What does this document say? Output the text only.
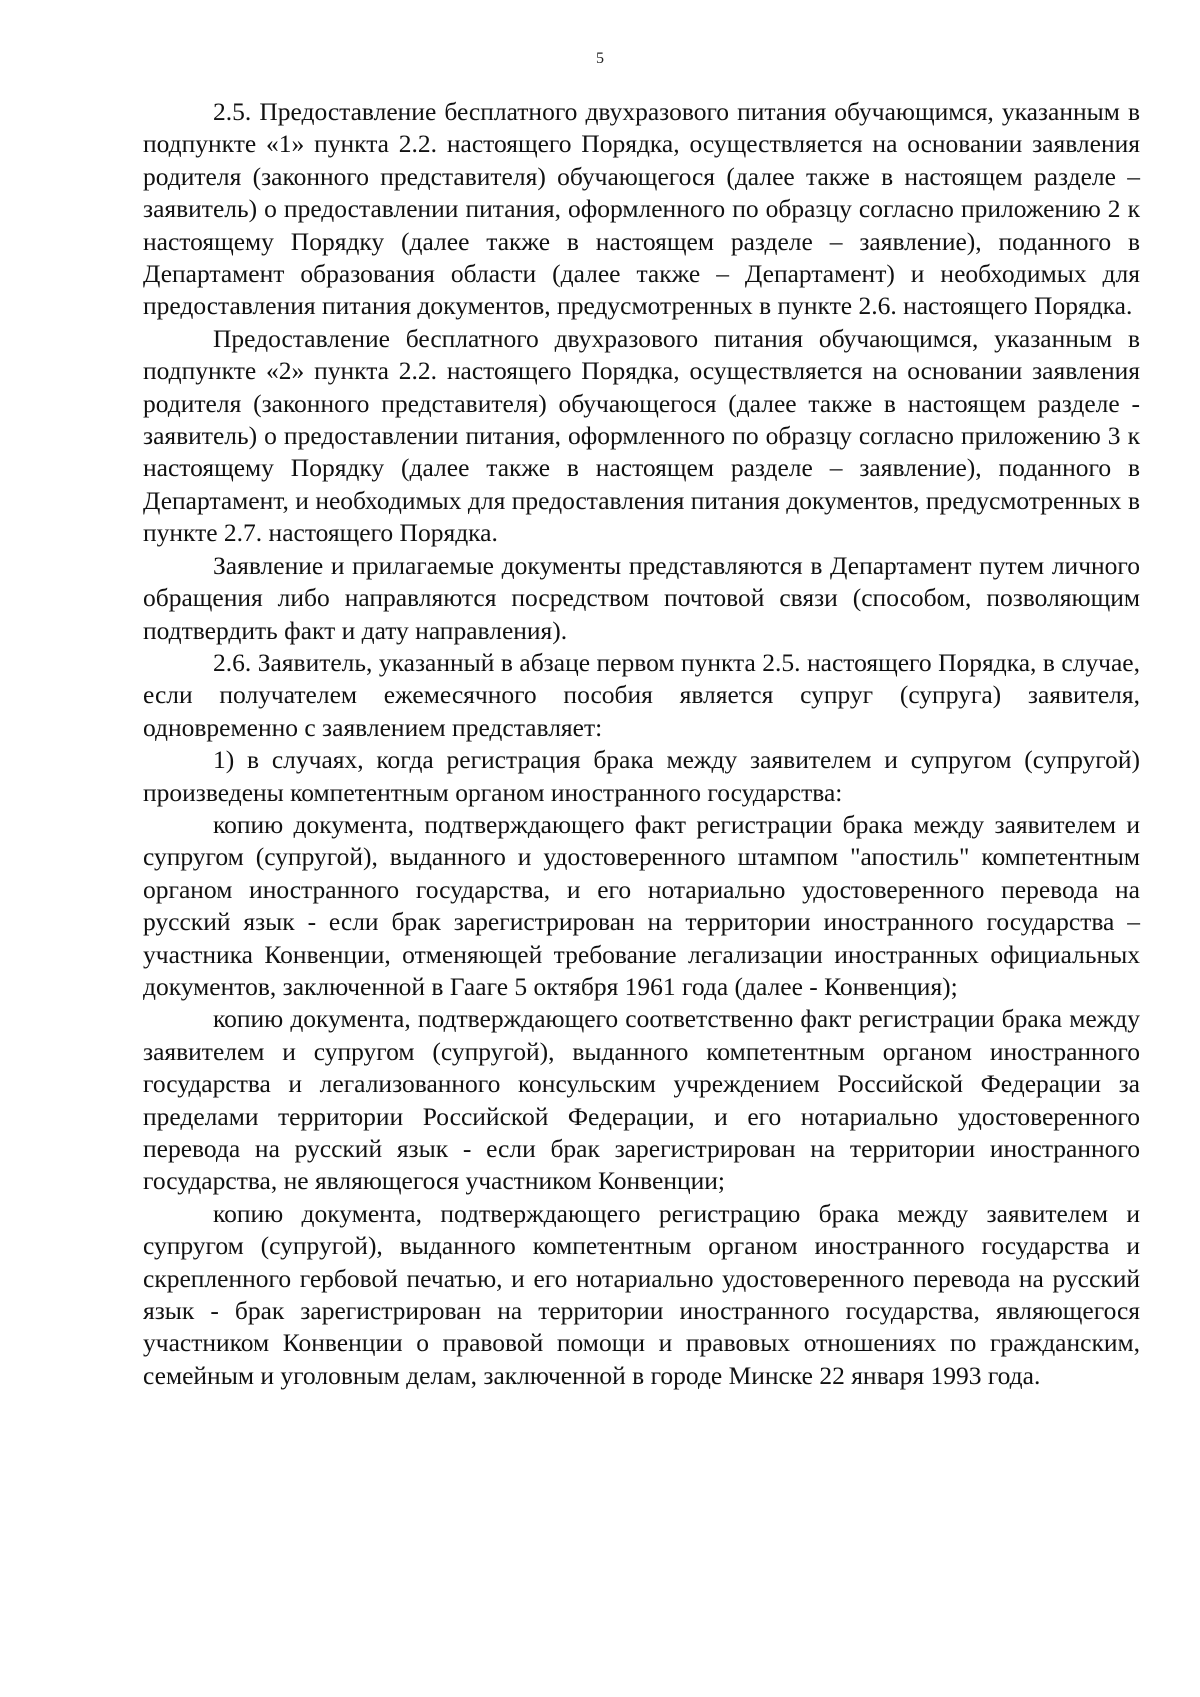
5

2.5. Предоставление бесплатного двухразового питания обучающимся, указанным в подпункте «1» пункта 2.2. настоящего Порядка, осуществляется на основании заявления родителя (законного представителя) обучающегося (далее также в настоящем разделе – заявитель) о предоставлении питания, оформленного по образцу согласно приложению 2 к настоящему Порядку (далее также в настоящем разделе – заявление), поданного в Департамент образования области (далее также – Департамент) и необходимых для предоставления питания документов, предусмотренных в пункте 2.6. настоящего Порядка.

Предоставление бесплатного двухразового питания обучающимся, указанным в подпункте «2» пункта 2.2. настоящего Порядка, осуществляется на основании заявления родителя (законного представителя) обучающегося (далее также в настоящем разделе - заявитель) о предоставлении питания, оформленного по образцу согласно приложению 3 к настоящему Порядку (далее также в настоящем разделе – заявление), поданного в Департамент, и необходимых для предоставления питания документов, предусмотренных в пункте 2.7. настоящего Порядка.

Заявление и прилагаемые документы представляются в Департамент путем личного обращения либо направляются посредством почтовой связи (способом, позволяющим подтвердить факт и дату направления).

2.6. Заявитель, указанный в абзаце первом пункта 2.5. настоящего Порядка, в случае, если получателем ежемесячного пособия является супруг (супруга) заявителя, одновременно с заявлением представляет:

1) в случаях, когда регистрация брака между заявителем и супругом (супругой) произведены компетентным органом иностранного государства:

копию документа, подтверждающего факт регистрации брака между заявителем и супругом (супругой), выданного и удостоверенного штампом "апостиль" компетентным органом иностранного государства, и его нотариально удостоверенного перевода на русский язык - если брак зарегистрирован на территории иностранного государства – участника Конвенции, отменяющей требование легализации иностранных официальных документов, заключенной в Гааге 5 октября 1961 года (далее - Конвенция);

копию документа, подтверждающего соответственно факт регистрации брака между заявителем и супругом (супругой), выданного компетентным органом иностранного государства и легализованного консульским учреждением Российской Федерации за пределами территории Российской Федерации, и его нотариально удостоверенного перевода на русский язык - если брак зарегистрирован на территории иностранного государства, не являющегося участником Конвенции;

копию документа, подтверждающего регистрацию брака между заявителем и супругом (супругой), выданного компетентным органом иностранного государства и скрепленного гербовой печатью, и его нотариально удостоверенного перевода на русский язык - брак зарегистрирован на территории иностранного государства, являющегося участником Конвенции о правовой помощи и правовых отношениях по гражданским, семейным и уголовным делам, заключенной в городе Минске 22 января 1993 года.
